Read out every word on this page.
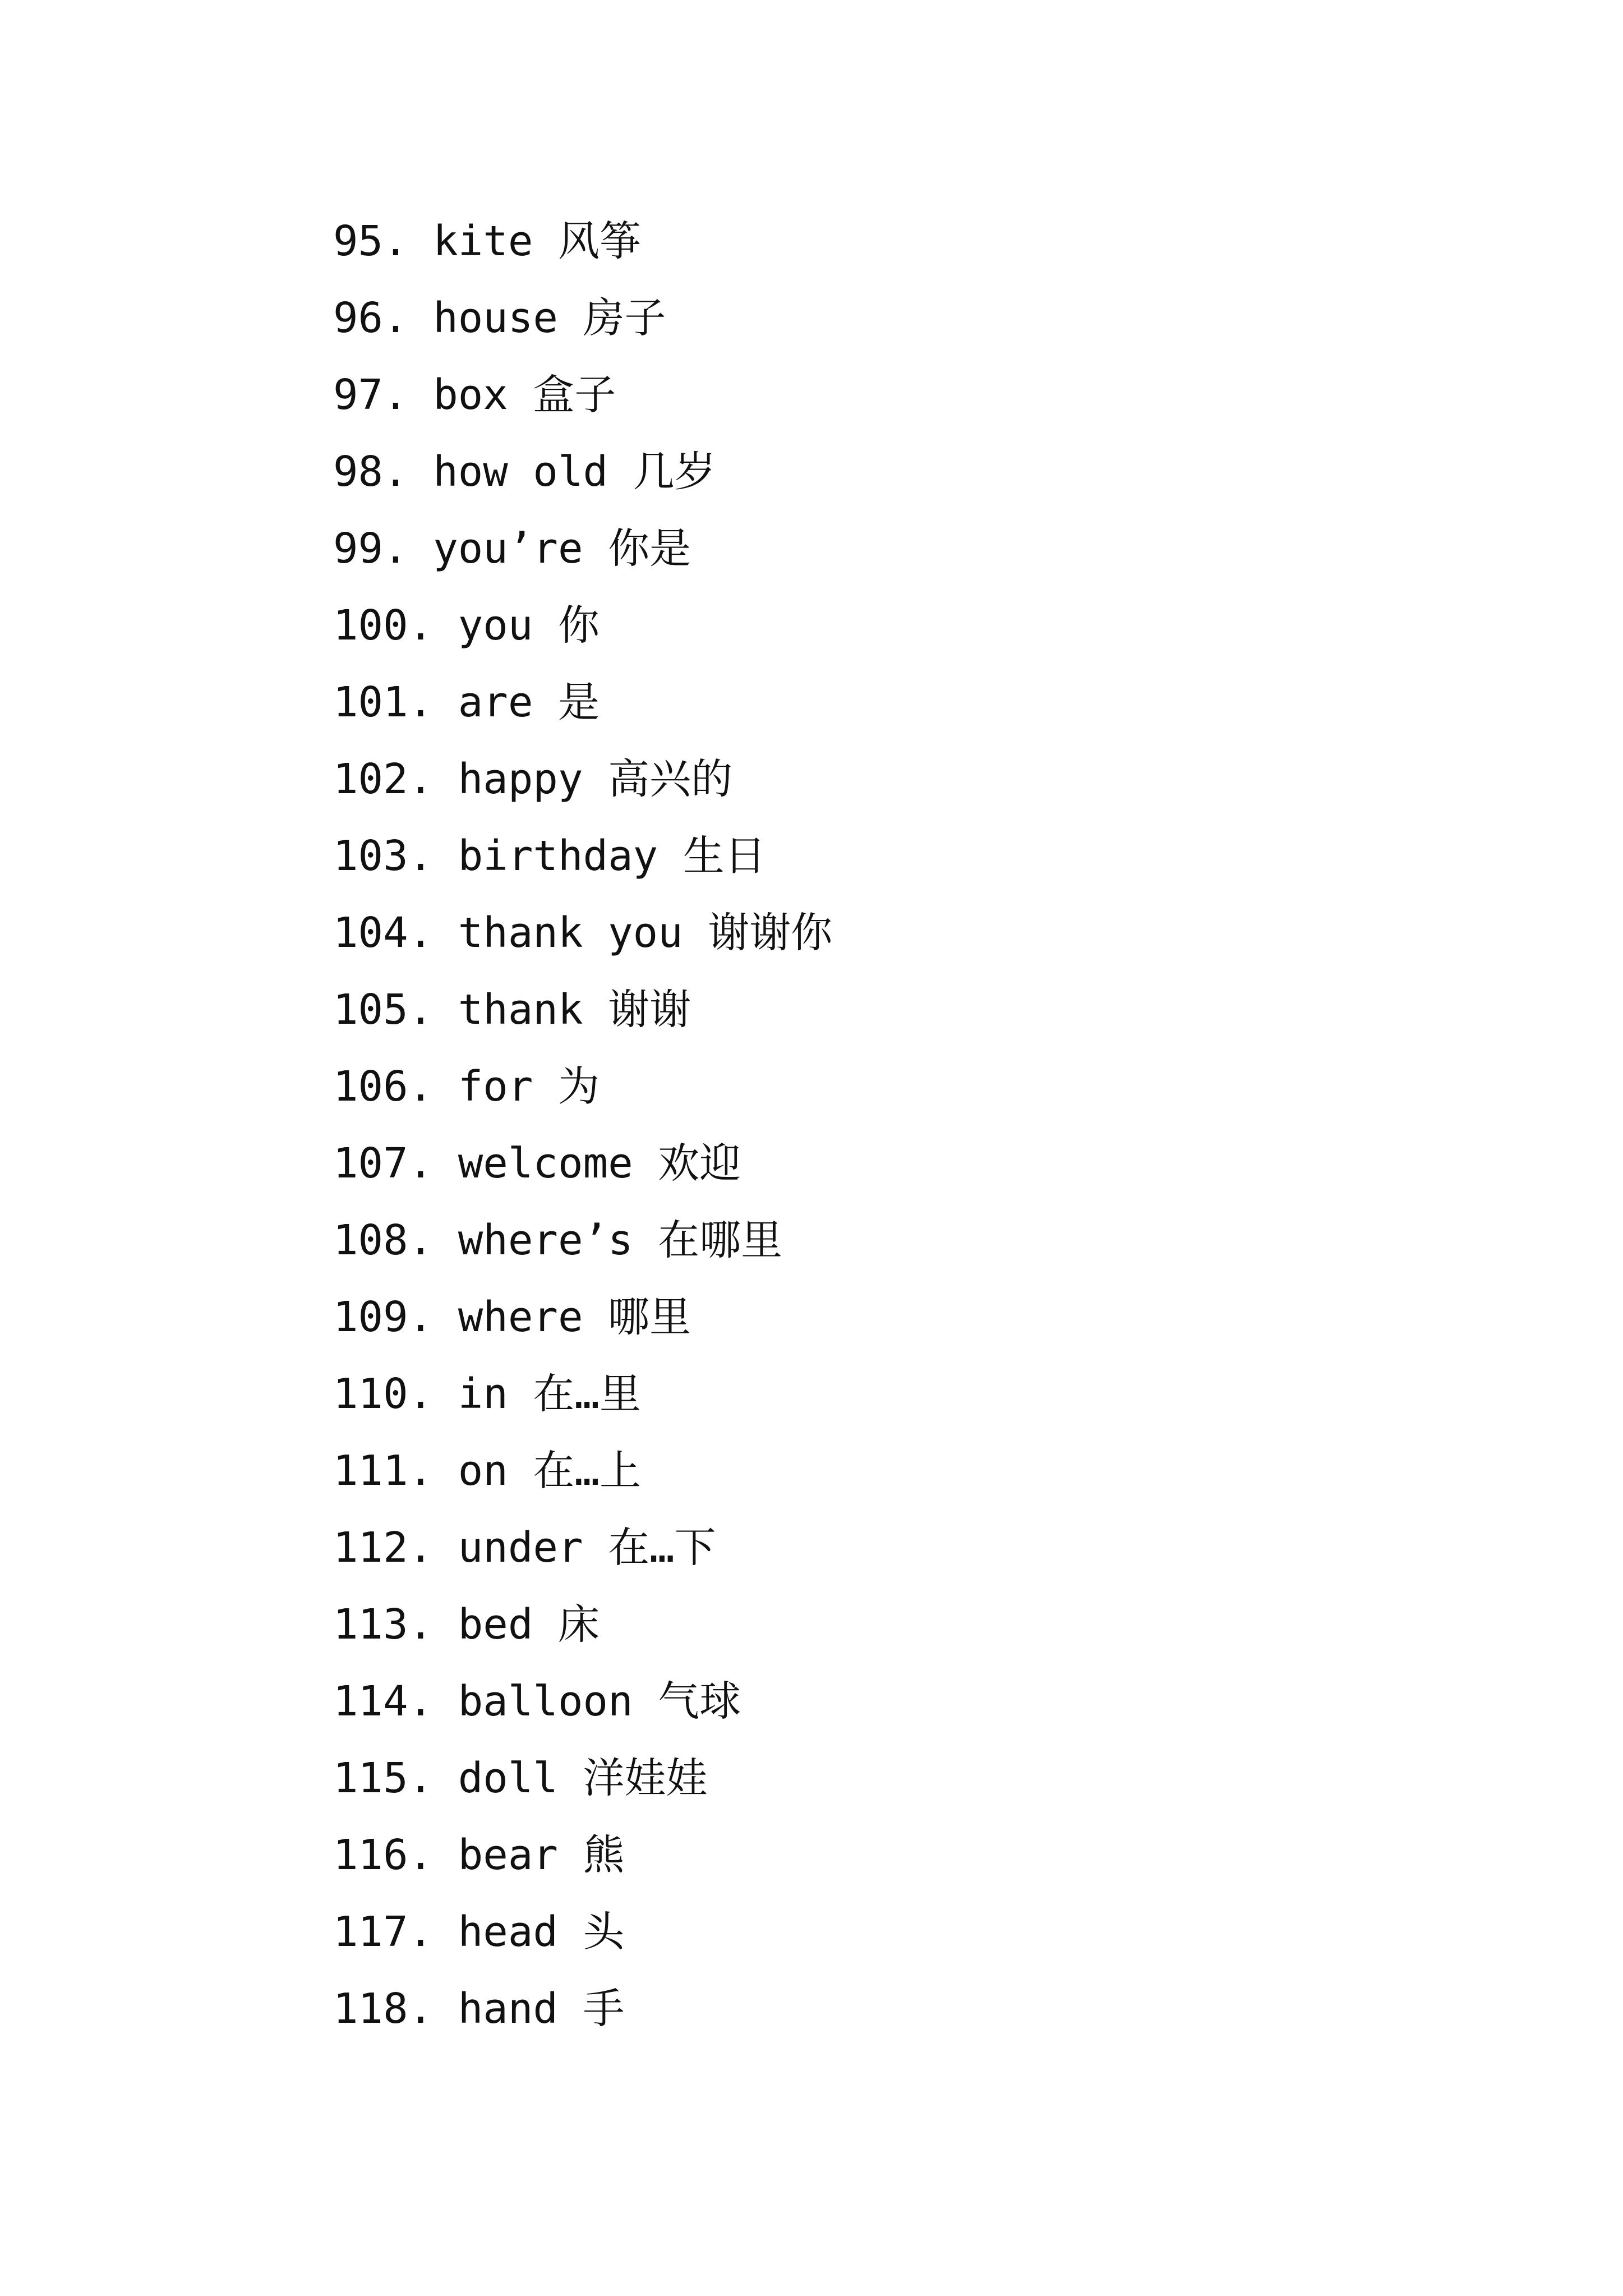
95. kite 风筝
96. house 房子
97. box 盒子
98. how old 几岁
99. you’re 你是
100. you 你
101. are 是
102. happy 高兴的
103. birthday 生日
104. thank you 谢谢你
105. thank 谢谢
106. for 为
107. welcome 欢迎
108. where’s 在哪里
109. where 哪里
110. in 在…里
111. on 在…上
112. under 在…下
113. bed 床
114. balloon 气球
115. doll 洋娃娃
116. bear 熊
117. head 头
118. hand 手
